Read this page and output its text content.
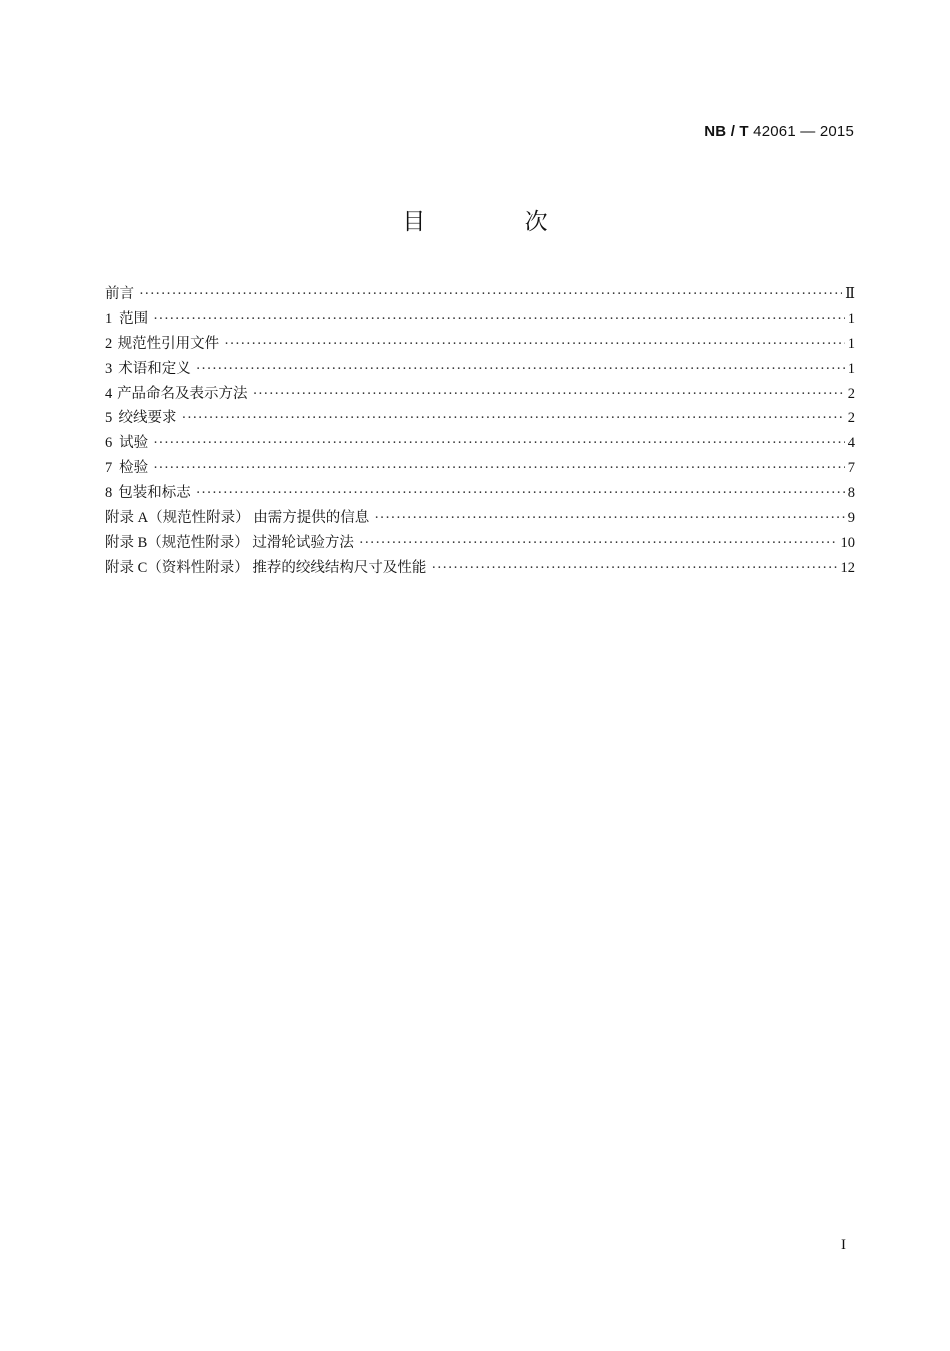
NB / T 42061 — 2015
目 次
前言 ·····	Ⅱ
1 范围 ·····	1
2 规范性引用文件 ·····	1
3 术语和定义 ·····	1
4 产品命名及表示方法 ·····	2
5 绞线要求 ·····	2
6 试验 ·····	4
7 检验 ·····	7
8 包装和标志 ·····	8
附录 A（规范性附录） 由需方提供的信息 ·····	9
附录 B（规范性附录） 过滑轮试验方法 ·····	10
附录 C（资料性附录） 推荐的绞线结构尺寸及性能 ·····	12
I
